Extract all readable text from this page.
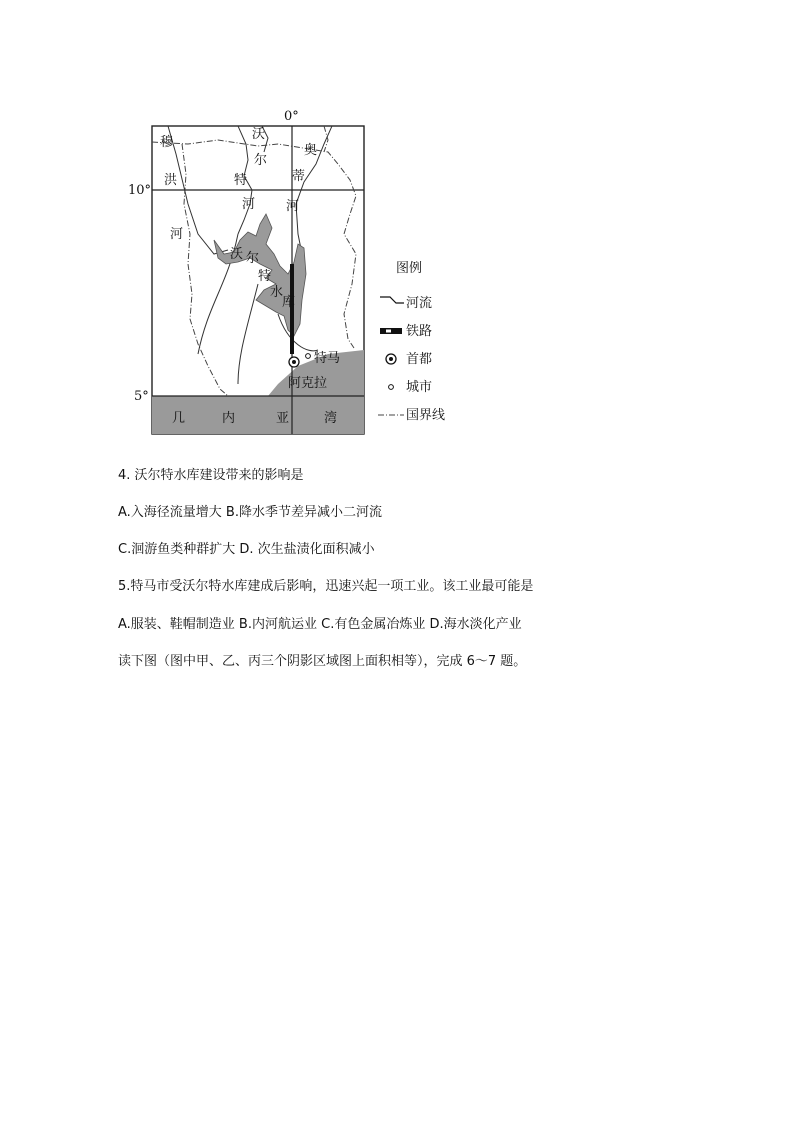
0°
10°
5°
穆
洪
河
沃
尔
特
河
奥
蒂
河
沃 尔
特
水
库
特马
阿克拉
几	内	亚	湾
图例
河流
铁路
首都
城市
国界线
4. 沃尔特水库建设带来的影响是
A.入海径流量增大 B.降水季节差异减小二河流
C.洄游鱼类种群扩大 D. 次生盐渍化面积减小
5.特马市受沃尔特水库建成后影响，迅速兴起一项工业。该工业最可能是
A.服装、鞋帽制造业 B.内河航运业 C.有色金属冶炼业 D.海水淡化产业
读下图（图中甲、乙、丙三个阴影区域图上面积相等），完成 6～7 题。
